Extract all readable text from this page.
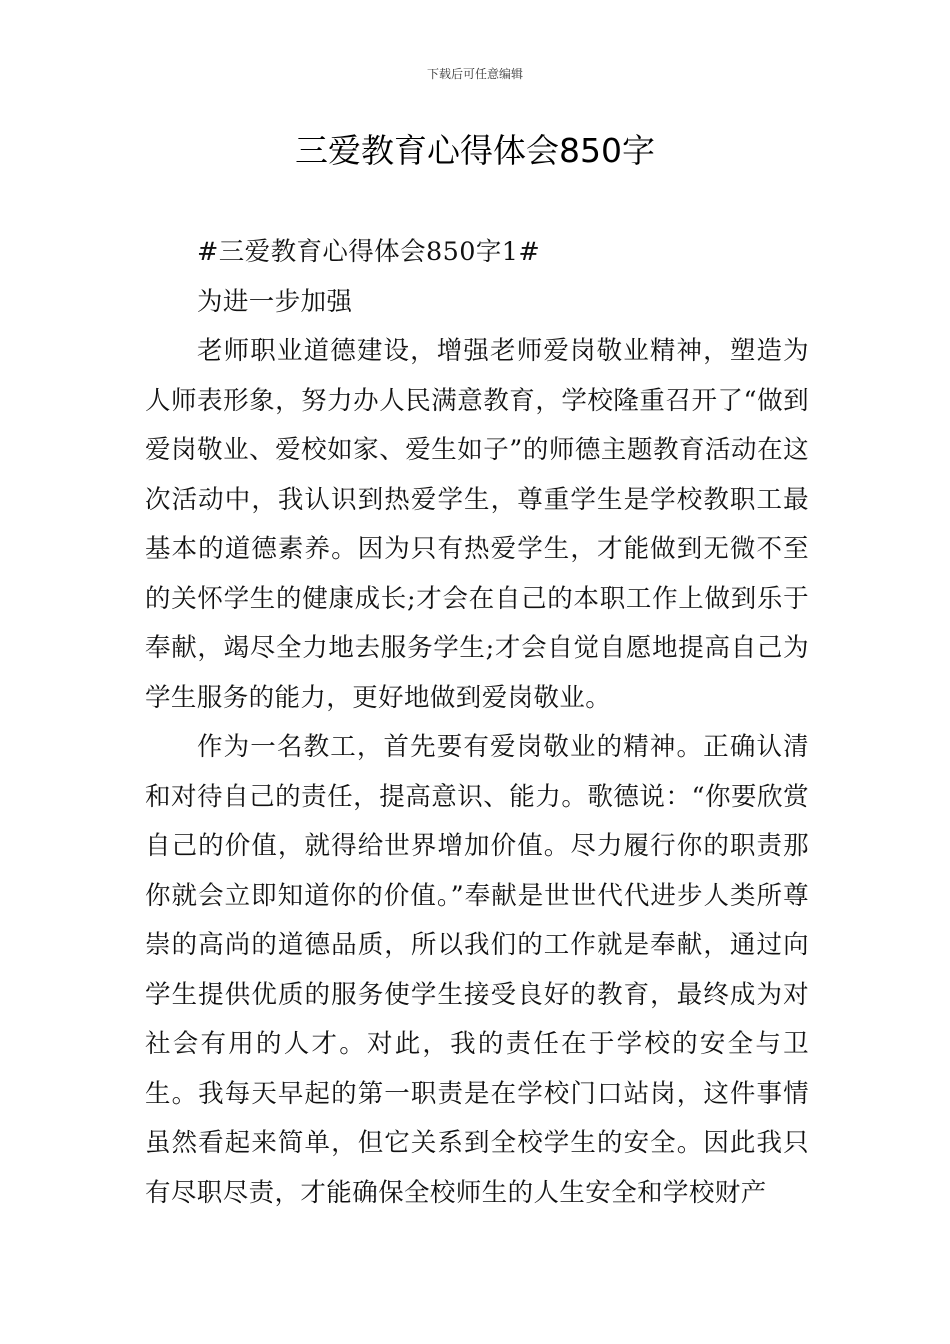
下载后可任意编辑
三爱教育心得体会850字

#三爱教育心得体会850字1#

为进一步加强

老师职业道德建设，增强老师爱岗敬业精神，塑造为人师表形象，努力办人民满意教育，学校隆重召开了“做到爱岗敬业、爱校如家、爱生如子”的师德主题教育活动在这次活动中，我认识到热爱学生，尊重学生是学校教职工最基本的道德素养。因为只有热爱学生，才能做到无微不至的关怀学生的健康成长;才会在自己的本职工作上做到乐于奉献，竭尽全力地去服务学生;才会自觉自愿地提高自己为学生服务的能力，更好地做到爱岗敬业。

作为一名教工，首先要有爱岗敬业的精神。正确认清和对待自己的责任，提高意识、能力。歌德说：“你要欣赏自己的价值，就得给世界增加价值。尽力履行你的职责那你就会立即知道你的价值。”奉献是世世代代进步人类所尊崇的高尚的道德品质，所以我们的工作就是奉献，通过向学生提供优质的服务使学生接受良好的教育，最终成为对社会有用的人才。对此，我的责任在于学校的安全与卫生。我每天早起的第一职责是在学校门口站岗，这件事情虽然看起来简单，但它关系到全校学生的安全。因此我只有尽职尽责，才能确保全校师生的人生安全和学校财产
